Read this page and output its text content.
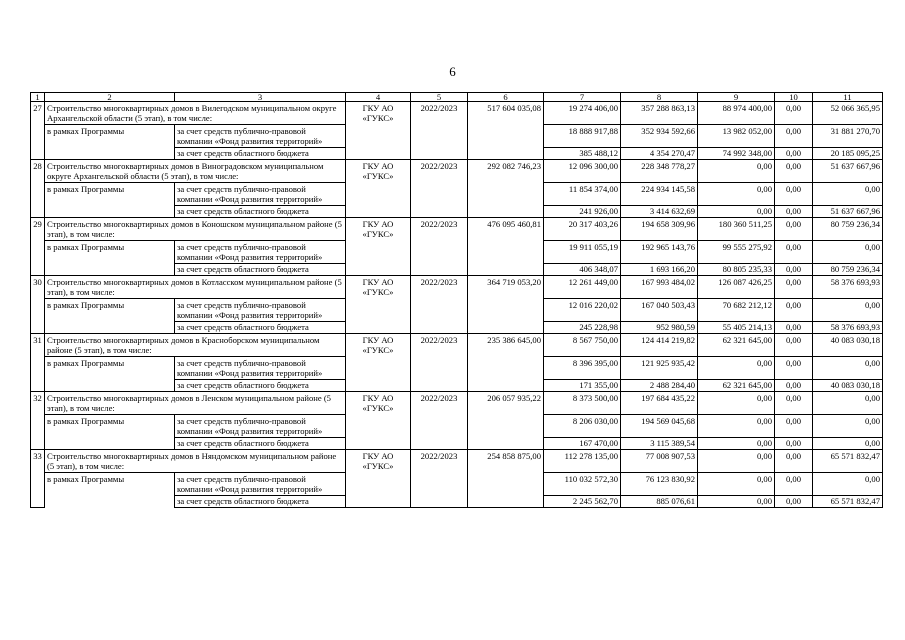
6
1	2	3	4	5	6	7	8	9	10	11
27	Строительство многоквартирных домов в Вилегодском муниципальном округе Архангельской области (5 этап), в том числе:		ГКУ АО «ГУКС»	2022/2023	517 604 035,08	19 274 406,00	357 288 863,13	88 974 400,00	0,00	52 066 365,95
	в рамках Программы	за счет средств публично-правовой компании «Фонд развития территорий»				18 888 917,88	352 934 592,66	13 982 052,00	0,00	31 881 270,70
		за счет средств областного бюджета				385 488,12	4 354 270,47	74 992 348,00	0,00	20 185 095,25
28	Строительство многоквартирных домов в Виноградовском муниципальном округе Архангельской области (5 этап), в том числе:		ГКУ АО «ГУКС»	2022/2023	292 082 746,23	12 096 300,00	228 348 778,27	0,00	0,00	51 637 667,96
	в рамках Программы	за счет средств публично-правовой компании «Фонд развития территорий»				11 854 374,00	224 934 145,58	0,00	0,00	0,00
		за счет средств областного бюджета				241 926,00	3 414 632,69	0,00	0,00	51 637 667,96
29	Строительство многоквартирных домов в Коношском муниципальном районе (5 этап), в том числе:		ГКУ АО «ГУКС»	2022/2023	476 095 460,81	20 317 403,26	194 658 309,96	180 360 511,25	0,00	80 759 236,34
	в рамках Программы	за счет средств публично-правовой компании «Фонд развития территорий»				19 911 055,19	192 965 143,76	99 555 275,92	0,00	0,00
		за счет средств областного бюджета				406 348,07	1 693 166,20	80 805 235,33	0,00	80 759 236,34
30	Строительство многоквартирных домов в Котласском муниципальном районе (5 этап), в том числе:		ГКУ АО «ГУКС»	2022/2023	364 719 053,20	12 261 449,00	167 993 484,02	126 087 426,25	0,00	58 376 693,93
	в рамках Программы	за счет средств публично-правовой компании «Фонд развития территорий»				12 016 220,02	167 040 503,43	70 682 212,12	0,00	0,00
		за счет средств областного бюджета				245 228,98	952 980,59	55 405 214,13	0,00	58 376 693,93
31	Строительство многоквартирных домов в Красноборском муниципальном районе (5 этап), в том числе:		ГКУ АО «ГУКС»	2022/2023	235 386 645,00	8 567 750,00	124 414 219,82	62 321 645,00	0,00	40 083 030,18
	в рамках Программы	за счет средств публично-правовой компании «Фонд развития территорий»				8 396 395,00	121 925 935,42	0,00	0,00	0,00
		за счет средств областного бюджета				171 355,00	2 488 284,40	62 321 645,00	0,00	40 083 030,18
32	Строительство многоквартирных домов в Ленском муниципальном районе (5 этап), в том числе:		ГКУ АО «ГУКС»	2022/2023	206 057 935,22	8 373 500,00	197 684 435,22	0,00	0,00	0,00
	в рамках Программы	за счет средств публично-правовой компании «Фонд развития территорий»				8 206 030,00	194 569 045,68	0,00	0,00	0,00
		за счет средств областного бюджета				167 470,00	3 115 389,54	0,00	0,00	0,00
33	Строительство многоквартирных домов в Няндомском муниципальном районе (5 этап), в том числе:		ГКУ АО «ГУКС»	2022/2023	254 858 875,00	112 278 135,00	77 008 907,53	0,00	0,00	65 571 832,47
	в рамках Программы	за счет средств публично-правовой компании «Фонд развития территорий»				110 032 572,30	76 123 830,92	0,00	0,00	0,00
		за счет средств областного бюджета				2 245 562,70	885 076,61	0,00	0,00	65 571 832,47
